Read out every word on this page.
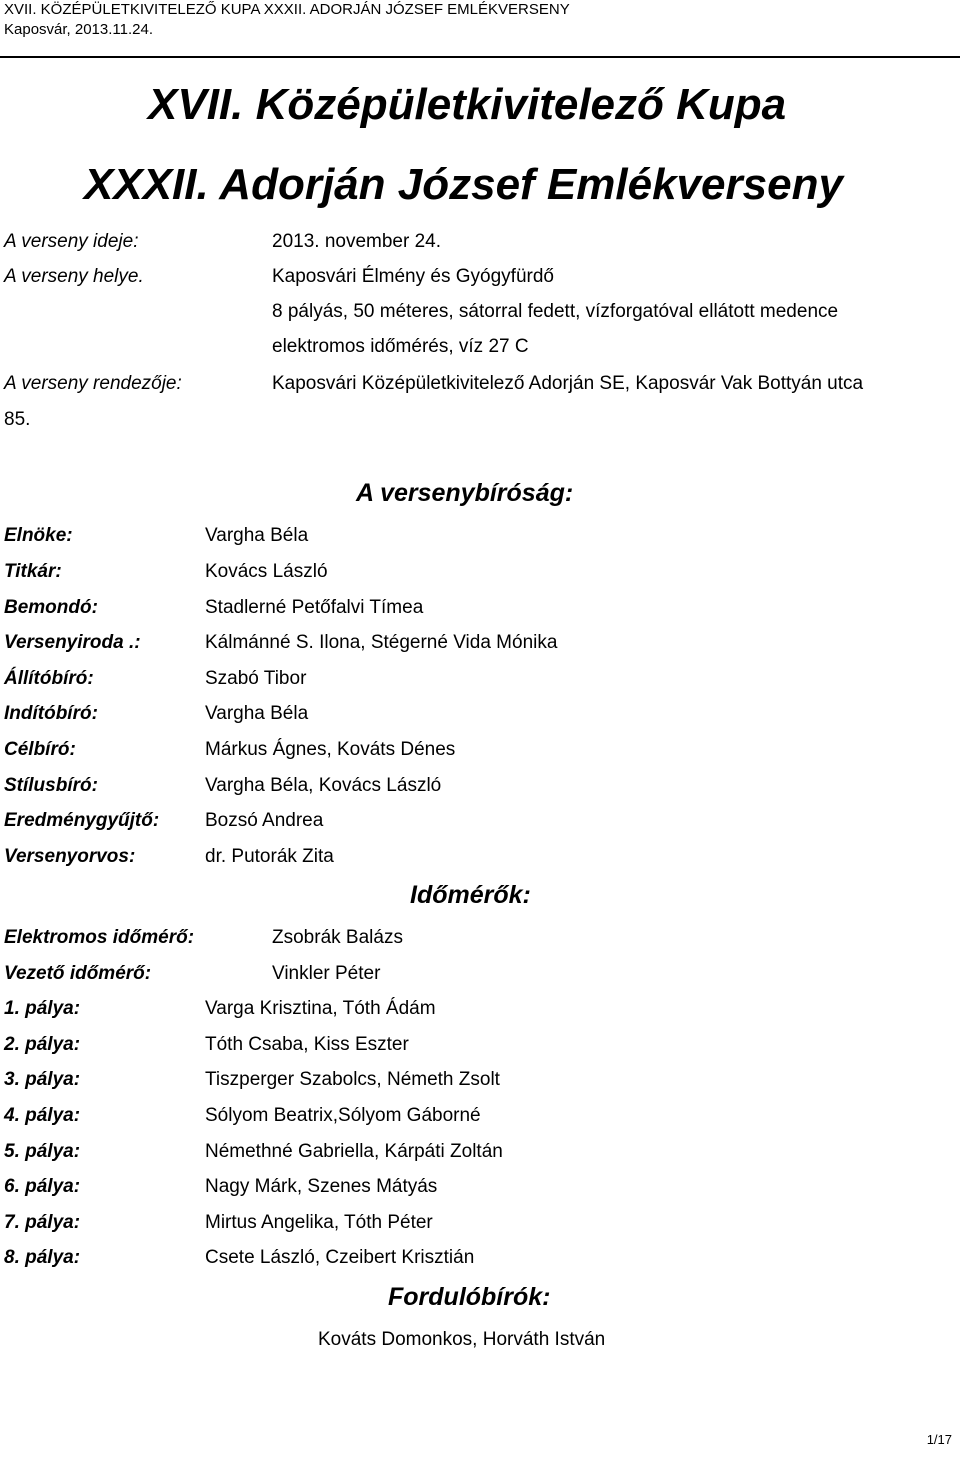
XVII. KÖZÉPÜLETKIVITELEZŐ KUPA XXXII. ADORJÁN JÓZSEF EMLÉKVERSENY
Kaposvár, 2013.11.24.
XVII. Középületkivitelező Kupa
XXXII. Adorján József Emlékverseny
A verseny ideje:	2013. november 24.
A verseny helye.	Kaposvári Élmény és Gyógyfürdő
8 pályás, 50 méteres, sátorral fedett, vízforgatóval ellátott medence
elektromos időmérés, víz 27 C
A verseny rendezője:	Kaposvári Középületkivitelező Adorján SE, Kaposvár Vak Bottyán utca
85.
A versenybíróság:
Elnöke:	Vargha Béla
Titkár:	Kovács László
Bemondó:	Stadlerné Petőfalvi Tímea
Versenyiroda .:	Kálmánné S. Ilona, Stégerné Vida Mónika
Állítóbíró:	Szabó Tibor
Indítóbíró:	Vargha Béla
Célbíró:	Márkus Ágnes, Kováts Dénes
Stílusbíró:	Vargha Béla, Kovács László
Eredménygyűjtő: Bozsó Andrea
Versenyorvos:	dr. Putorák Zita
Időmérők:
Elektromos időmérő:	Zsobrák Balázs
Vezető időmérő:	Vinkler Péter
1. pálya:	Varga Krisztina, Tóth Ádám
2. pálya:	Tóth Csaba, Kiss Eszter
3. pálya:	Tiszperger Szabolcs, Németh Zsolt
4. pálya:	Sólyom Beatrix,Sólyom Gáborné
5. pálya:	Némethné Gabriella, Kárpáti Zoltán
6. pálya:	Nagy Márk, Szenes Mátyás
7. pálya:	Mirtus Angelika, Tóth Péter
8. pálya:	Csete László, Czeibert Krisztián
Fordulóbírók:
Kováts Domonkos, Horváth István
1/17
